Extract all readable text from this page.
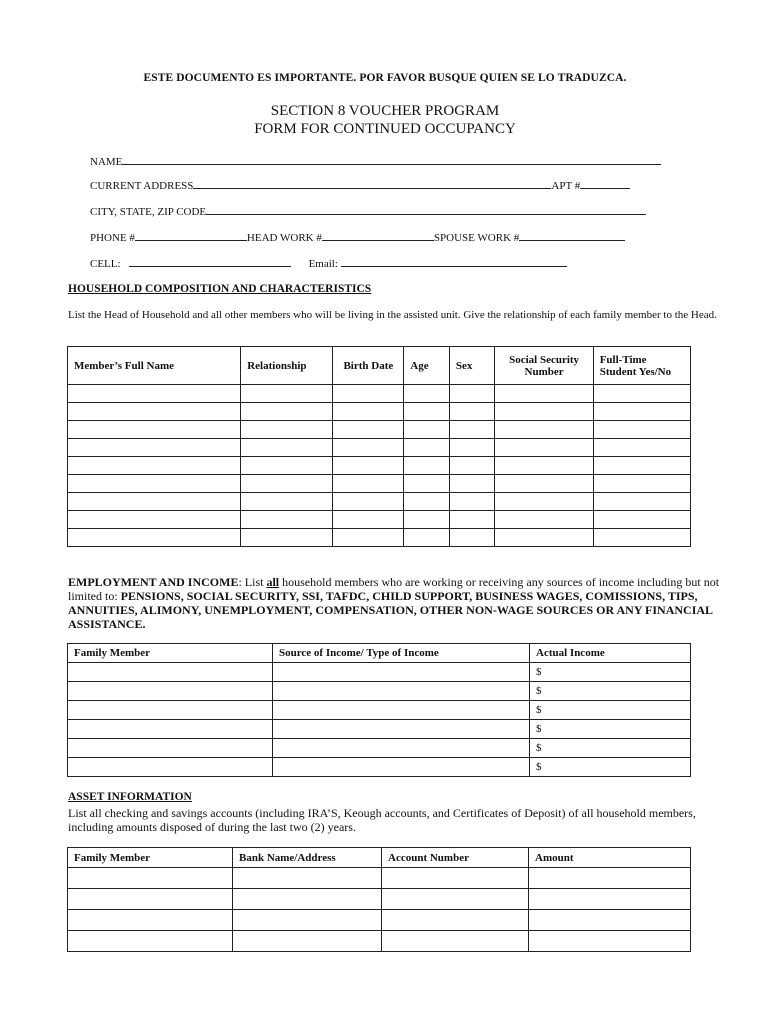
ESTE DOCUMENTO ES IMPORTANTE. POR FAVOR BUSQUE QUIEN SE LO TRADUZCA.
SECTION 8 VOUCHER PROGRAM
FORM FOR CONTINUED OCCUPANCY
NAME
CURRENT ADDRESS	APT #
CITY, STATE, ZIP CODE
PHONE #	HEAD WORK #	SPOUSE WORK #
CELL:	Email:
HOUSEHOLD COMPOSITION AND CHARACTERISTICS
List the Head of Household and all other members who will be living in the assisted unit. Give the relationship of each family member to the Head.
Member’s Full Name	Relationship	Birth Date	Age	Sex	Social Security Number	Full-Time Student Yes/No

EMPLOYMENT AND INCOME: List all household members who are working or receiving any sources of income including but not limited to: PENSIONS, SOCIAL SECURITY, SSI, TAFDC, CHILD SUPPORT, BUSINESS WAGES, COMISSIONS, TIPS, ANNUITIES, ALIMONY, UNEMPLOYMENT, COMPENSATION, OTHER NON-WAGE SOURCES OR ANY FINANCIAL ASSISTANCE.
Family Member	Source of Income/ Type of Income	Actual Income
		$
		$
		$
		$
		$
		$
ASSET INFORMATION
List all checking and savings accounts (including IRA’S, Keough accounts, and Certificates of Deposit) of all household members, including amounts disposed of during the last two (2) years.
Family Member	Bank Name/Address	Account Number	Amount
